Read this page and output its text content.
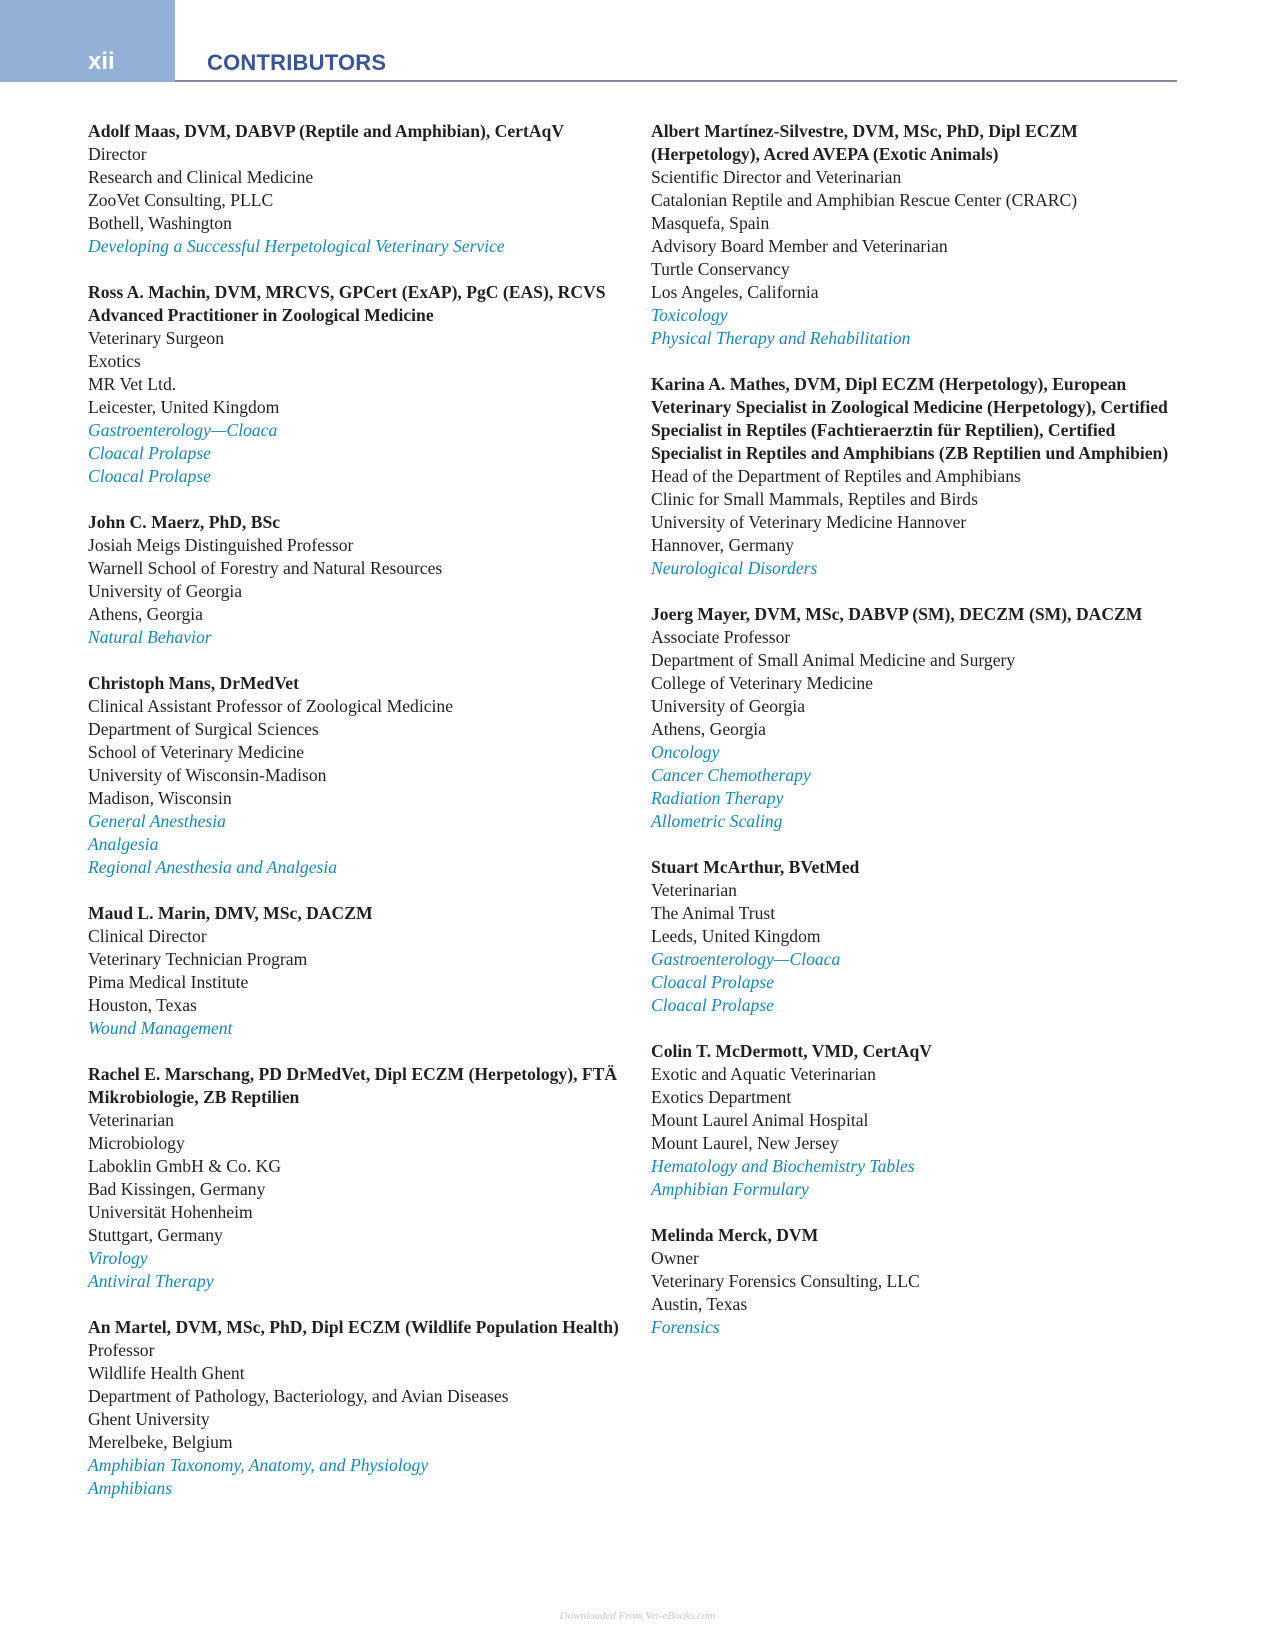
xii	CONTRIBUTORS
Adolf Maas, DVM, DABVP (Reptile and Amphibian), CertAqV
Director
Research and Clinical Medicine
ZooVet Consulting, PLLC
Bothell, Washington
Developing a Successful Herpetological Veterinary Service
Ross A. Machin, DVM, MRCVS, GPCert (ExAP), PgC (EAS), RCVS Advanced Practitioner in Zoological Medicine
Veterinary Surgeon
Exotics
MR Vet Ltd.
Leicester, United Kingdom
Gastroenterology—Cloaca
Cloacal Prolapse
Cloacal Prolapse
John C. Maerz, PhD, BSc
Josiah Meigs Distinguished Professor
Warnell School of Forestry and Natural Resources
University of Georgia
Athens, Georgia
Natural Behavior
Christoph Mans, DrMedVet
Clinical Assistant Professor of Zoological Medicine
Department of Surgical Sciences
School of Veterinary Medicine
University of Wisconsin-Madison
Madison, Wisconsin
General Anesthesia
Analgesia
Regional Anesthesia and Analgesia
Maud L. Marin, DMV, MSc, DACZM
Clinical Director
Veterinary Technician Program
Pima Medical Institute
Houston, Texas
Wound Management
Rachel E. Marschang, PD DrMedVet, Dipl ECZM (Herpetology), FTÄ Mikrobiologie, ZB Reptilien
Veterinarian
Microbiology
Laboklin GmbH & Co. KG
Bad Kissingen, Germany
Universität Hohenheim
Stuttgart, Germany
Virology
Antiviral Therapy
An Martel, DVM, MSc, PhD, Dipl ECZM (Wildlife Population Health)
Professor
Wildlife Health Ghent
Department of Pathology, Bacteriology, and Avian Diseases
Ghent University
Merelbeke, Belgium
Amphibian Taxonomy, Anatomy, and Physiology
Amphibians
Albert Martínez-Silvestre, DVM, MSc, PhD, Dipl ECZM (Herpetology), Acred AVEPA (Exotic Animals)
Scientific Director and Veterinarian
Catalonian Reptile and Amphibian Rescue Center (CRARC)
Masquefa, Spain
Advisory Board Member and Veterinarian
Turtle Conservancy
Los Angeles, California
Toxicology
Physical Therapy and Rehabilitation
Karina A. Mathes, DVM, Dipl ECZM (Herpetology), European Veterinary Specialist in Zoological Medicine (Herpetology), Certified Specialist in Reptiles (Fachtieraerztin für Reptilien), Certified Specialist in Reptiles and Amphibians (ZB Reptilien und Amphibien)
Head of the Department of Reptiles and Amphibians
Clinic for Small Mammals, Reptiles and Birds
University of Veterinary Medicine Hannover
Hannover, Germany
Neurological Disorders
Joerg Mayer, DVM, MSc, DABVP (SM), DECZM (SM), DACZM
Associate Professor
Department of Small Animal Medicine and Surgery
College of Veterinary Medicine
University of Georgia
Athens, Georgia
Oncology
Cancer Chemotherapy
Radiation Therapy
Allometric Scaling
Stuart McArthur, BVetMed
Veterinarian
The Animal Trust
Leeds, United Kingdom
Gastroenterology—Cloaca
Cloacal Prolapse
Cloacal Prolapse
Colin T. McDermott, VMD, CertAqV
Exotic and Aquatic Veterinarian
Exotics Department
Mount Laurel Animal Hospital
Mount Laurel, New Jersey
Hematology and Biochemistry Tables
Amphibian Formulary
Melinda Merck, DVM
Owner
Veterinary Forensics Consulting, LLC
Austin, Texas
Forensics
Downloaded From Vet-eBooks.com
